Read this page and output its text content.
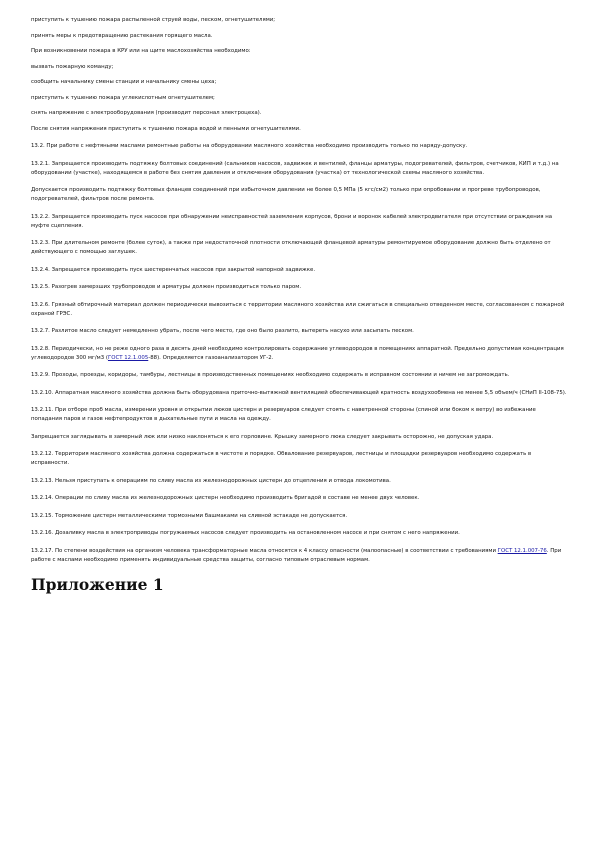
приступить к тушению пожара распыленной струей воды, песком, огнетушителями;
принять меры к предотвращению растекания горящего масла.
При возникновении пожара в КРУ или на щите маслохозяйства необходимо:
вызвать пожарную команду;
сообщить начальнику смены станции и начальнику смены цеха;
приступить к тушению пожара углекислотным огнетушителем;
снять напряжение с электрооборудования (производит персонал электроцеха).
После снятия напряжения приступить к тушению пожара водой и пенными огнетушителями.
13.2. При работе с нефтяными маслами ремонтные работы на оборудовании масляного хозяйства необходимо производить только по наряду-допуску.
13.2.1. Запрещается производить подтяжку болтовых соединений (сальников насосов, задвижек и вентилей, фланцы арматуры, подогревателей, фильтров, счетчиков, КИП и т.д.) на оборудовании (участке), находящемся в работе без снятия давления и отключения оборудования (участка) от технологической схемы масляного хозяйства.
Допускается производить подтяжку болтовых фланцев соединений при избыточном давлении не более 0,5 МПа (5 кгс/см2) только при опробовании и прогреве трубопроводов, подогревателей, фильтров после ремонта.
13.2.2. Запрещается производить пуск насосов при обнаружении неисправностей заземления корпусов, брони и воронок кабелей электродвигателя при отсутствии ограждения на муфте сцепления.
13.2.3. При длительном ремонте (более суток), а также при недостаточной плотности отключающей фланцевой арматуры ремонтируемое оборудование должно быть отделено от действующего с помощью заглушек.
13.2.4. Запрещается производить пуск шестеренчатых насосов при закрытой напорной задвижке.
13.2.5. Разогрев замерзших трубопроводов и арматуры должен производиться только паром.
13.2.6. Грязный обтирочный материал должен периодически вывозиться с территории масляного хозяйства или сжигаться в специально отведенном месте, согласованном с пожарной охраной ГРЭС.
13.2.7. Разлитое масло следует немедленно убрать, после чего место, где оно было разлито, вытереть насухо или засыпать песком.
13.2.8. Периодически, но не реже одного раза в десять дней необходимо контролировать содержание углеводородов в помещениях аппаратной. Предельно допустимая концентрация углеводородов 300 мг/м3 (ГОСТ 12.1.005-88). Определяется газоанализатором УГ-2.
13.2.9. Проходы, проезды, коридоры, тамбуры, лестницы в производственных помещениях необходимо содержать в исправном состоянии и ничем не загромождать.
13.2.10. Аппаратная масляного хозяйства должна быть оборудована приточно-вытяжной вентиляцией обеспечивающей кратность воздухообмена не менее 5,5 объем/ч (СНиП II-108-75).
13.2.11. При отборе проб масла, измерении уровня и открытии люков цистерн и резервуаров следует стоять с наветренной стороны (спиной или боком к ветру) во избежание попадания паров и газов нефтепродуктов в дыхательные пути и масла на одежду.
Запрещается заглядывать в замерный люк или низко наклоняться к его горловине. Крышку замерного люка следует закрывать осторожно, не допуская удара.
13.2.12. Территория масляного хозяйства должна содержаться в чистоте и порядке. Обвалование резервуаров, лестницы и площадки резервуаров необходимо содержать в исправности.
13.2.13. Нельзя приступать к операциям по сливу масла из железнодорожных цистерн до отцепления и отвода локомотива.
13.2.14. Операции по сливу масла из железнодорожных цистерн необходимо производить бригадой в составе не менее двух человек.
13.2.15. Торможение цистерн металлическими тормозными башмаками на сливной эстакаде не допускается.
13.2.16. Дозаливку масла в электроприводы погружаемых насосов следует производить на остановленном насосе и при снятом с него напряжении.
13.2.17. По степени воздействия на организм человека трансформаторные масла относятся к 4 классу опасности (малоопасные) в соответствии с требованиями ГОСТ 12.1.007-76. При работе с маслами необходимо применять индивидуальные средства защиты, согласно типовым отраслевым нормам.
Приложение 1
